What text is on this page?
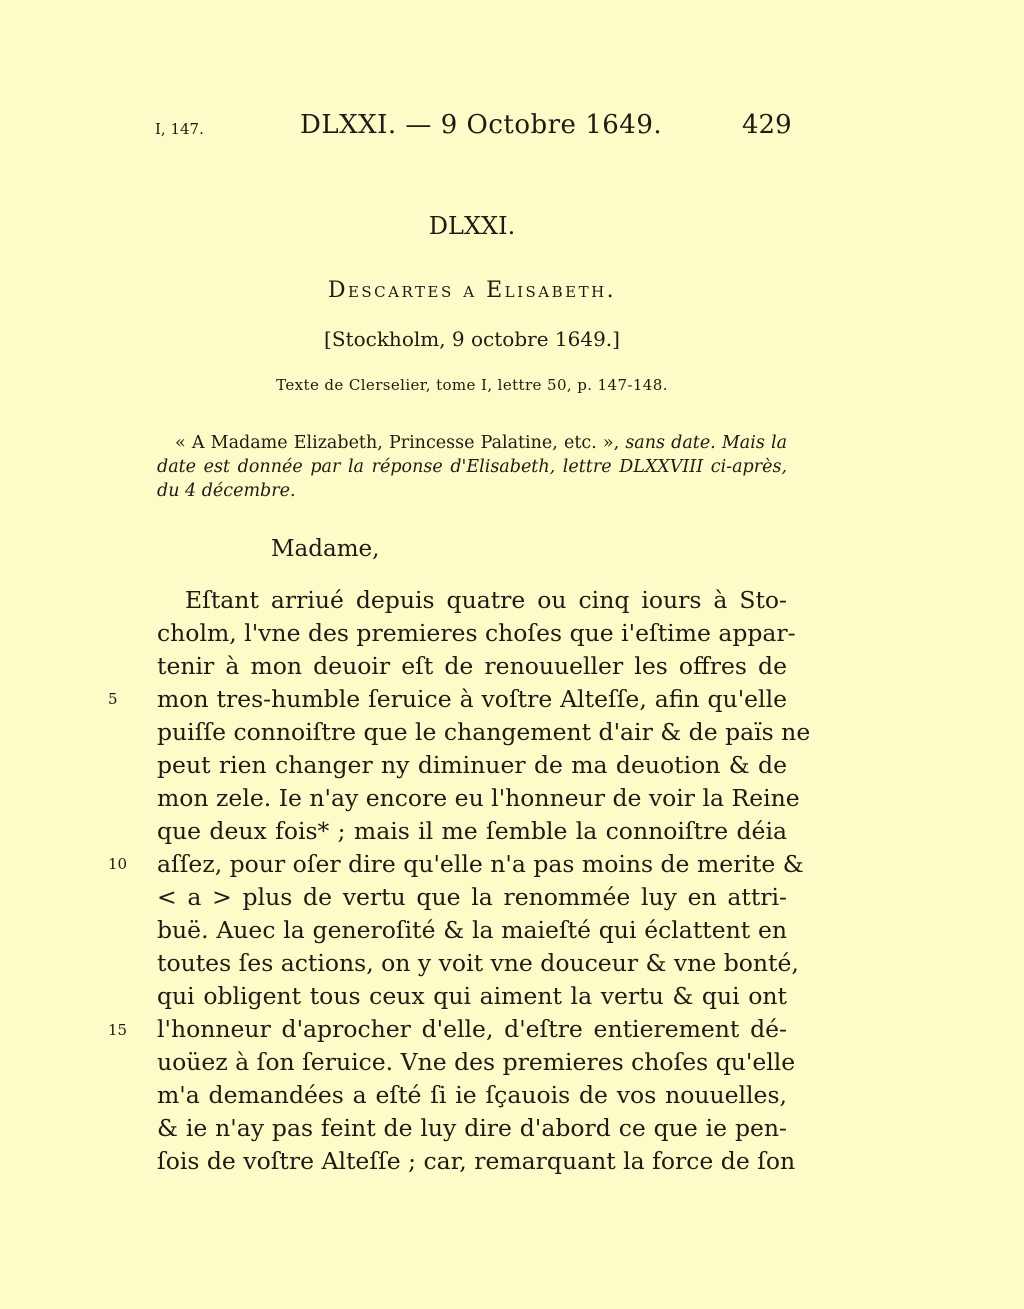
I, 147.	DLXXI. — 9 Octobre 1649.	429
DLXXI.
Descartes a Elisabeth.
[Stockholm, 9 octobre 1649.]
Texte de Clerselier, tome I, lettre 50, p. 147-148.
« A Madame Elizabeth, Princesse Palatine, etc. », sans date. Mais la date est donnée par la réponse d'Elisabeth, lettre DLXXVIII ci-après, du 4 décembre.
Madame,
Eſtant arriué depuis quatre ou cinq iours à Sto-
cholm, l'vne des premieres choſes que i'eſtime appar-
tenir à mon deuoir eſt de renouueller les offres de
mon tres-humble ſeruice à voſtre Alteſſe, afin qu'elle
puiſſe connoiſtre que le changement d'air & de païs ne
peut rien changer ny diminuer de ma deuotion & de
mon zele. Ie n'ay encore eu l'honneur de voir la Reine
que deux fois* ; mais il me ſemble la connoiſtre déia
aſſez, pour oſer dire qu'elle n'a pas moins de merite &
< a > plus de vertu que la renommée luy en attri-
buë. Auec la generoſité & la maieſté qui éclattent en
toutes ſes actions, on y voit vne douceur & vne bonté,
qui obligent tous ceux qui aiment la vertu & qui ont
l'honneur d'aprocher d'elle, d'eſtre entierement dé-
uoüez à ſon ſeruice. Vne des premieres choſes qu'elle
m'a demandées a eſté ſi ie ſçauois de vos nouuelles,
& ie n'ay pas feint de luy dire d'abord ce que ie pen-
ſois de voſtre Alteſſe ; car, remarquant la force de ſon
5
10
15
